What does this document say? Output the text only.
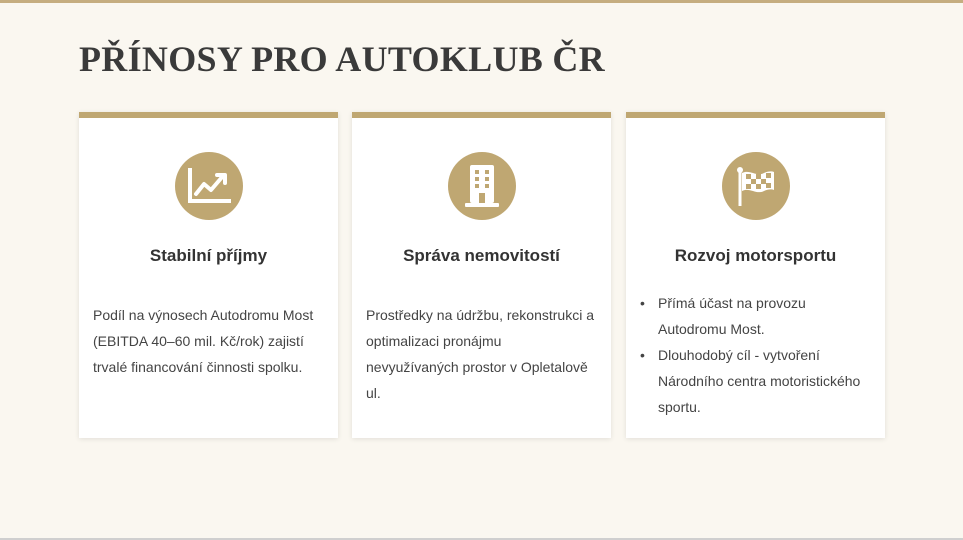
PŘÍNOSY PRO AUTOKLUB ČR
Stabilní příjmy
Podíl na výnosech Autodromu Most (EBITDA 40–60 mil. Kč/rok) zajistí trvalé financování činnosti spolku.
Správa nemovitostí
Prostředky na údržbu, rekonstrukci a optimalizaci pronájmu nevyužívaných prostor v Opletalově ul.
Rozvoj motorsportu
• Přímá účast na provozu Autodromu Most.
• Dlouhodobý cíl - vytvoření Národního centra motoristického sportu.
